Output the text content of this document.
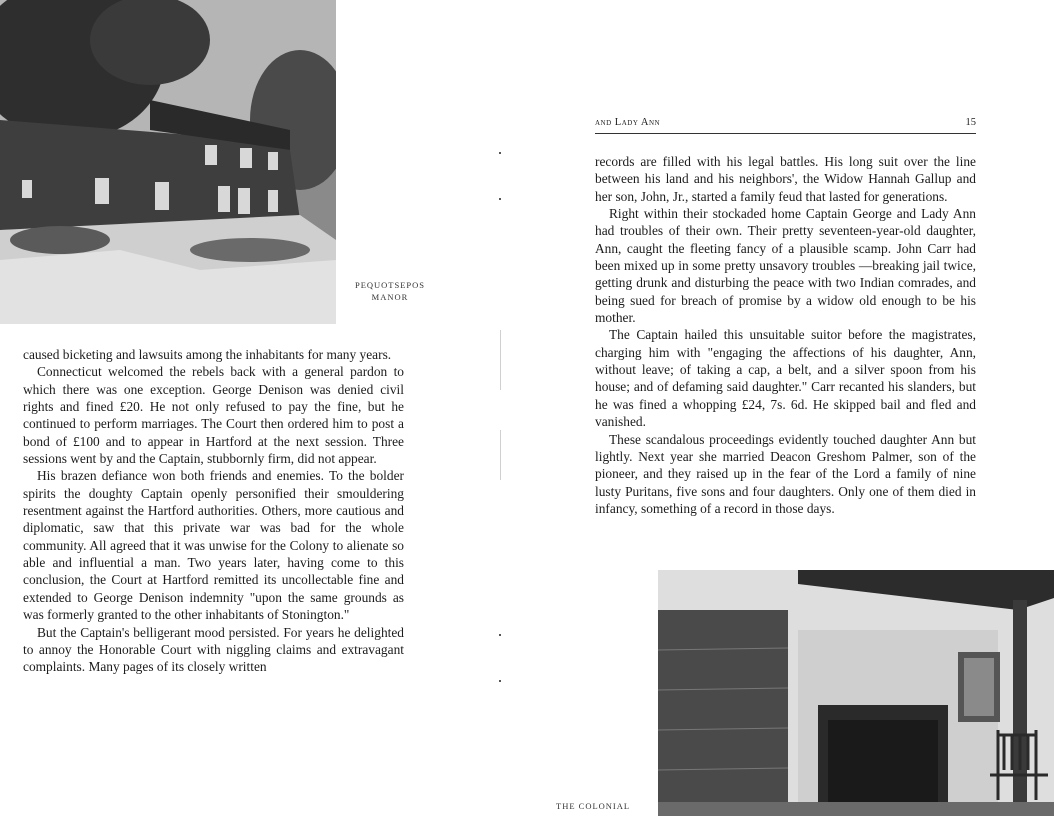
PEQUOTSEPOS
MANOR

caused bicketing and lawsuits among the inhabitants for many years.

Connecticut welcomed the rebels back with a general pardon to which there was one exception. George Denison was denied civil rights and fined £20. He not only refused to pay the fine, but he continued to perform marriages. The Court then ordered him to post a bond of £100 and to appear in Hartford at the next session. Three sessions went by and the Captain, stubbornly firm, did not appear.

His brazen defiance won both friends and enemies. To the bolder spirits the doughty Captain openly personified their smouldering resentment against the Hartford authorities. Others, more cautious and diplomatic, saw that this private war was bad for the whole community. All agreed that it was unwise for the Colony to alienate so able and influential a man. Two years later, having come to this conclusion, the Court at Hartford remitted its uncollectable fine and extended to George Denison indemnity "upon the same grounds as was formerly granted to the other inhabitants of Stonington."

But the Captain's belligerant mood persisted. For years he delighted to annoy the Honorable Court with niggling claims and extravagant complaints. Many pages of its closely written

and Lady Ann	15

records are filled with his legal battles. His long suit over the line between his land and his neighbors', the Widow Hannah Gallup and her son, John, Jr., started a family feud that lasted for generations.

Right within their stockaded home Captain George and Lady Ann had troubles of their own. Their pretty seventeen-year-old daughter, Ann, caught the fleeting fancy of a plausible scamp. John Carr had been mixed up in some pretty unsavory troubles —breaking jail twice, getting drunk and disturbing the peace with two Indian comrades, and being sued for breach of promise by a widow old enough to be his mother.

The Captain hailed this unsuitable suitor before the magistrates, charging him with "engaging the affections of his daughter, Ann, without leave; of taking a cap, a belt, and a silver spoon from his house; and of defaming said daughter." Carr recanted his slanders, but he was fined a whopping £24, 7s. 6d. He skipped bail and fled and vanished.

These scandalous proceedings evidently touched daughter Ann but lightly. Next year she married Deacon Greshom Palmer, son of the pioneer, and they raised up in the fear of the Lord a family of nine lusty Puritans, five sons and four daughters. Only one of them died in infancy, something of a record in those days.

THE COLONIAL
